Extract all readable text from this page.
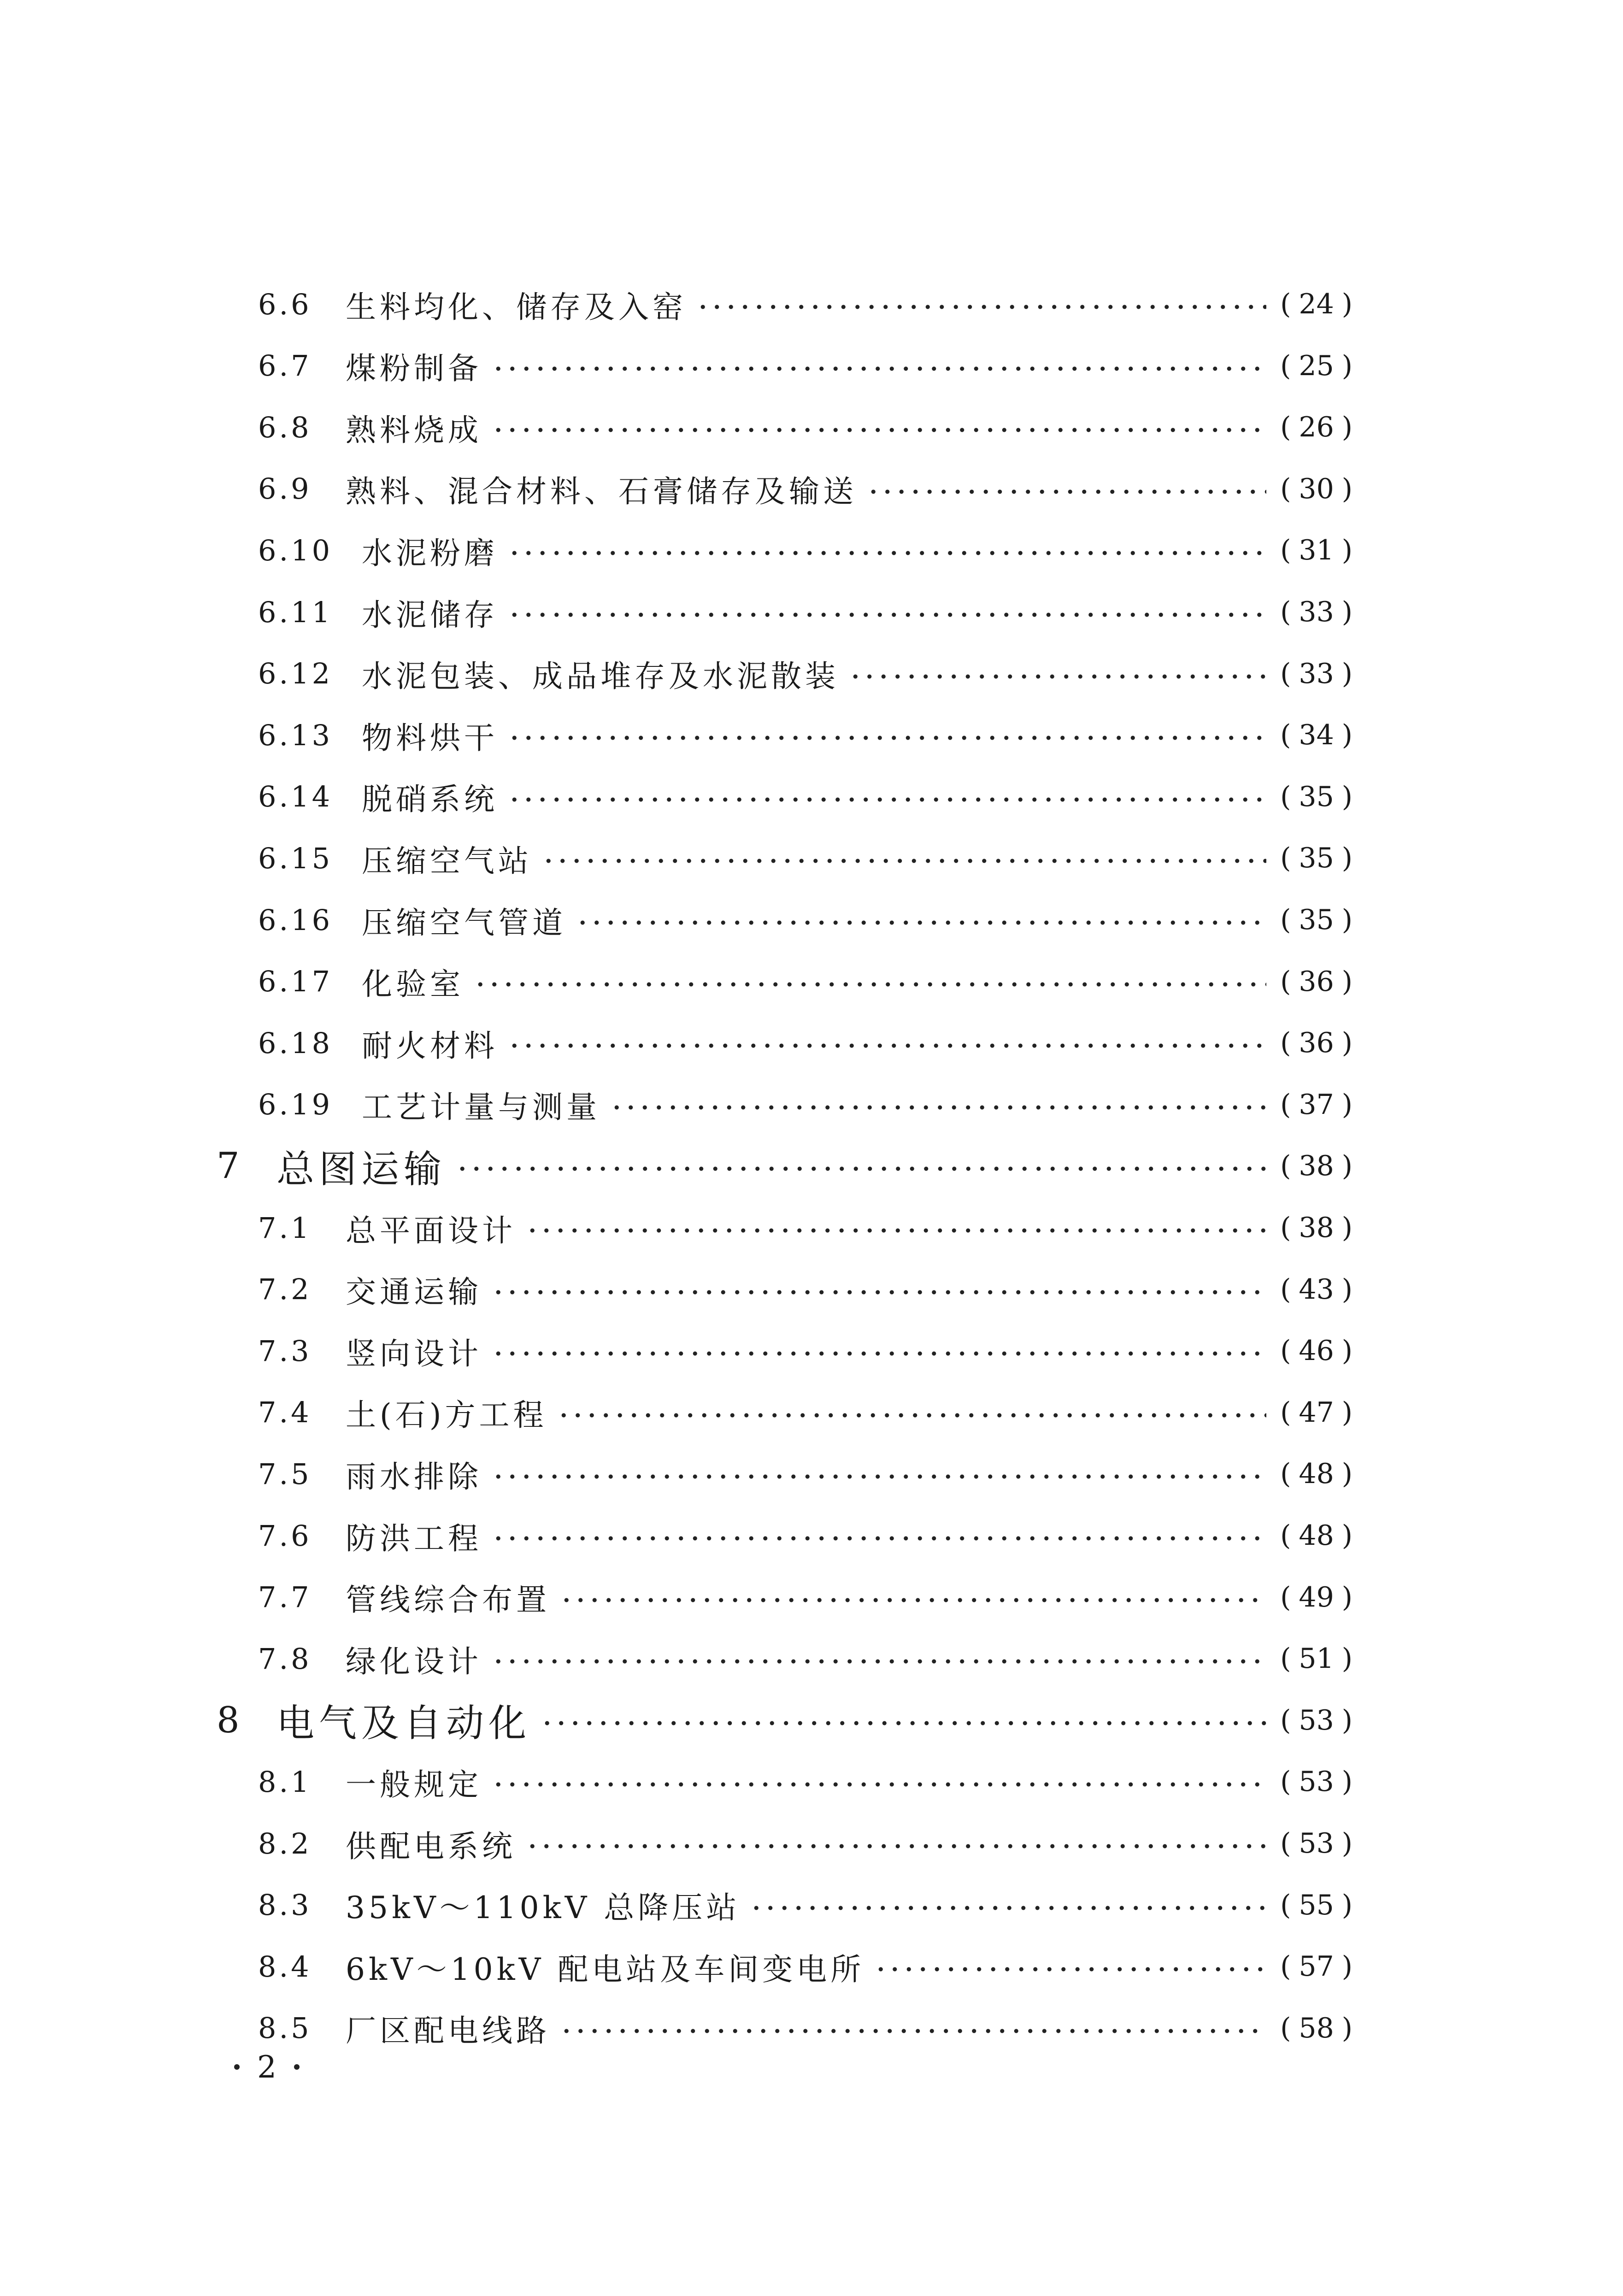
6.6	生料均化、储存及入窑	( 24 )
6.7	煤粉制备	( 25 )
6.8	熟料烧成	( 26 )
6.9	熟料、混合材料、石膏储存及输送	( 30 )
6.10 水泥粉磨	( 31 )
6.11 水泥储存	( 33 )
6.12 水泥包装、成品堆存及水泥散装	( 33 )
6.13 物料烘干	( 34 )
6.14 脱硝系统	( 35 )
6.15 压缩空气站	( 35 )
6.16 压缩空气管道	( 35 )
6.17 化验室	( 36 )
6.18 耐火材料	( 36 )
6.19 工艺计量与测量	( 37 )
7 总图运输	( 38 )
7.1	总平面设计	( 38 )
7.2	交通运输	( 43 )
7.3	竖向设计	( 46 )
7.4	土(石)方工程	( 47 )
7.5	雨水排除	( 48 )
7.6	防洪工程	( 48 )
7.7	管线综合布置	( 49 )
7.8	绿化设计	( 51 )
8 电气及自动化	( 53 )
8.1	一般规定	( 53 )
8.2	供配电系统	( 53 )
8.3	35kV～110kV 总降压站	( 55 )
8.4	6kV～10kV 配电站及车间变电所	( 57 )
8.5	厂区配电线路	( 58 )
2
